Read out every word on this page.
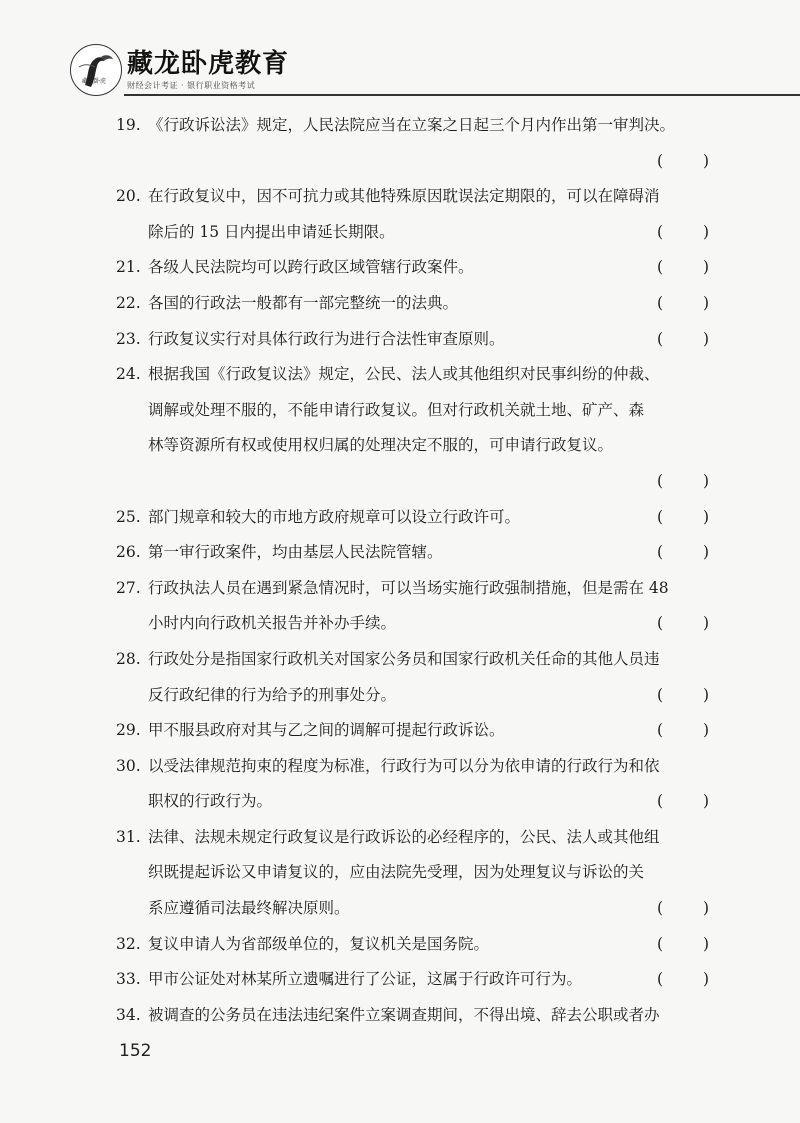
藏龙卧虎
藏龙卧虎教育
财经会计考证 · 银行职业资格考试
19. 《行政诉讼法》规定，人民法院应当在立案之日起三个月内作出第一审判决。
(	)
20. 在行政复议中，因不可抗力或其他特殊原因耽误法定期限的，可以在障碍消
除后的 15 日内提出申请延长期限。	(	)
21. 各级人民法院均可以跨行政区域管辖行政案件。	(	)
22. 各国的行政法一般都有一部完整统一的法典。	(	)
23. 行政复议实行对具体行政行为进行合法性审查原则。	(	)
24. 根据我国《行政复议法》规定，公民、法人或其他组织对民事纠纷的仲裁、
调解或处理不服的，不能申请行政复议。但对行政机关就土地、矿产、森
林等资源所有权或使用权归属的处理决定不服的，可申请行政复议。
(	)
25. 部门规章和较大的市地方政府规章可以设立行政许可。	(	)
26. 第一审行政案件，均由基层人民法院管辖。	(	)
27. 行政执法人员在遇到紧急情况时，可以当场实施行政强制措施，但是需在 48
小时内向行政机关报告并补办手续。	(	)
28. 行政处分是指国家行政机关对国家公务员和国家行政机关任命的其他人员违
反行政纪律的行为给予的刑事处分。	(	)
29. 甲不服县政府对其与乙之间的调解可提起行政诉讼。	(	)
30. 以受法律规范拘束的程度为标准，行政行为可以分为依申请的行政行为和依
职权的行政行为。	(	)
31. 法律、法规未规定行政复议是行政诉讼的必经程序的，公民、法人或其他组
织既提起诉讼又申请复议的，应由法院先受理，因为处理复议与诉讼的关
系应遵循司法最终解决原则。	(	)
32. 复议申请人为省部级单位的，复议机关是国务院。	(	)
33. 甲市公证处对林某所立遗嘱进行了公证，这属于行政许可行为。	(	)
34. 被调查的公务员在违法违纪案件立案调查期间，不得出境、辞去公职或者办
152
